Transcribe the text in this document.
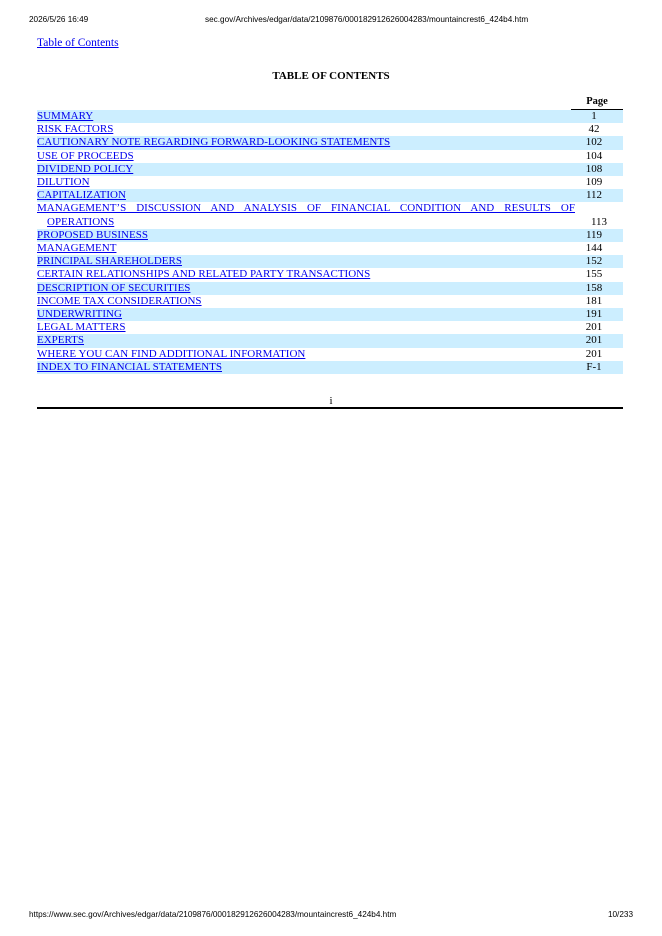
2026/5/26 16:49	sec.gov/Archives/edgar/data/2109876/000182912626004283/mountaincrest6_424b4.htm
Table of Contents
TABLE OF CONTENTS
Page
SUMMARY	1
RISK FACTORS	42
CAUTIONARY NOTE REGARDING FORWARD-LOOKING STATEMENTS	102
USE OF PROCEEDS	104
DIVIDEND POLICY	108
DILUTION	109
CAPITALIZATION	112
MANAGEMENT’S DISCUSSION AND ANALYSIS OF FINANCIAL CONDITION AND RESULTS OF OPERATIONS	113
PROPOSED BUSINESS	119
MANAGEMENT	144
PRINCIPAL SHAREHOLDERS	152
CERTAIN RELATIONSHIPS AND RELATED PARTY TRANSACTIONS	155
DESCRIPTION OF SECURITIES	158
INCOME TAX CONSIDERATIONS	181
UNDERWRITING	191
LEGAL MATTERS	201
EXPERTS	201
WHERE YOU CAN FIND ADDITIONAL INFORMATION	201
INDEX TO FINANCIAL STATEMENTS	F-1
i
https://www.sec.gov/Archives/edgar/data/2109876/000182912626004283/mountaincrest6_424b4.htm	10/233
